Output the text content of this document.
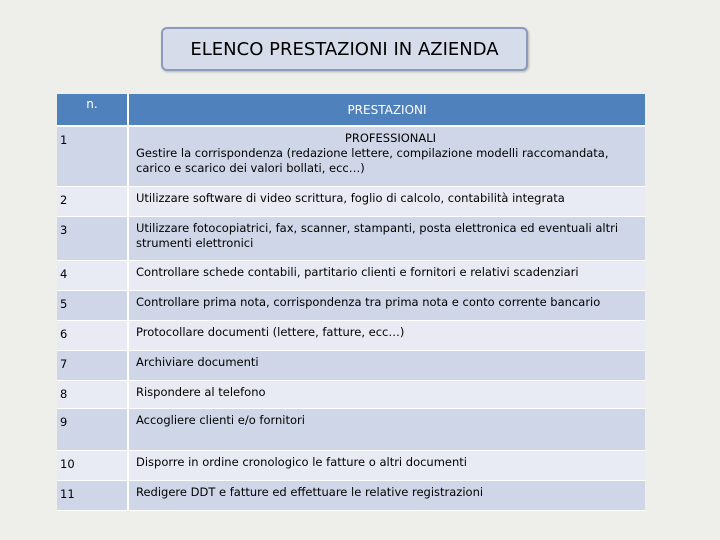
ELENCO PRESTAZIONI IN AZIENDA
n.	PRESTAZIONI
1	PROFESSIONALI
Gestire la corrispondenza (redazione lettere, compilazione modelli raccomandata, carico e scarico dei valori bollati, ecc…)
2	Utilizzare software di video scrittura, foglio di calcolo, contabilità integrata
3	Utilizzare fotocopiatrici, fax, scanner, stampanti, posta elettronica ed eventuali altri strumenti elettronici
4	Controllare schede contabili, partitario clienti e fornitori e relativi scadenziari
5	Controllare prima nota, corrispondenza tra prima nota e conto corrente bancario
6	Protocollare documenti (lettere, fatture, ecc…)
7	Archiviare documenti
8	Rispondere al telefono
9	Accogliere clienti e/o fornitori
10	Disporre in ordine cronologico le fatture o altri documenti
11	Redigere DDT e fatture ed effettuare le relative registrazioni
